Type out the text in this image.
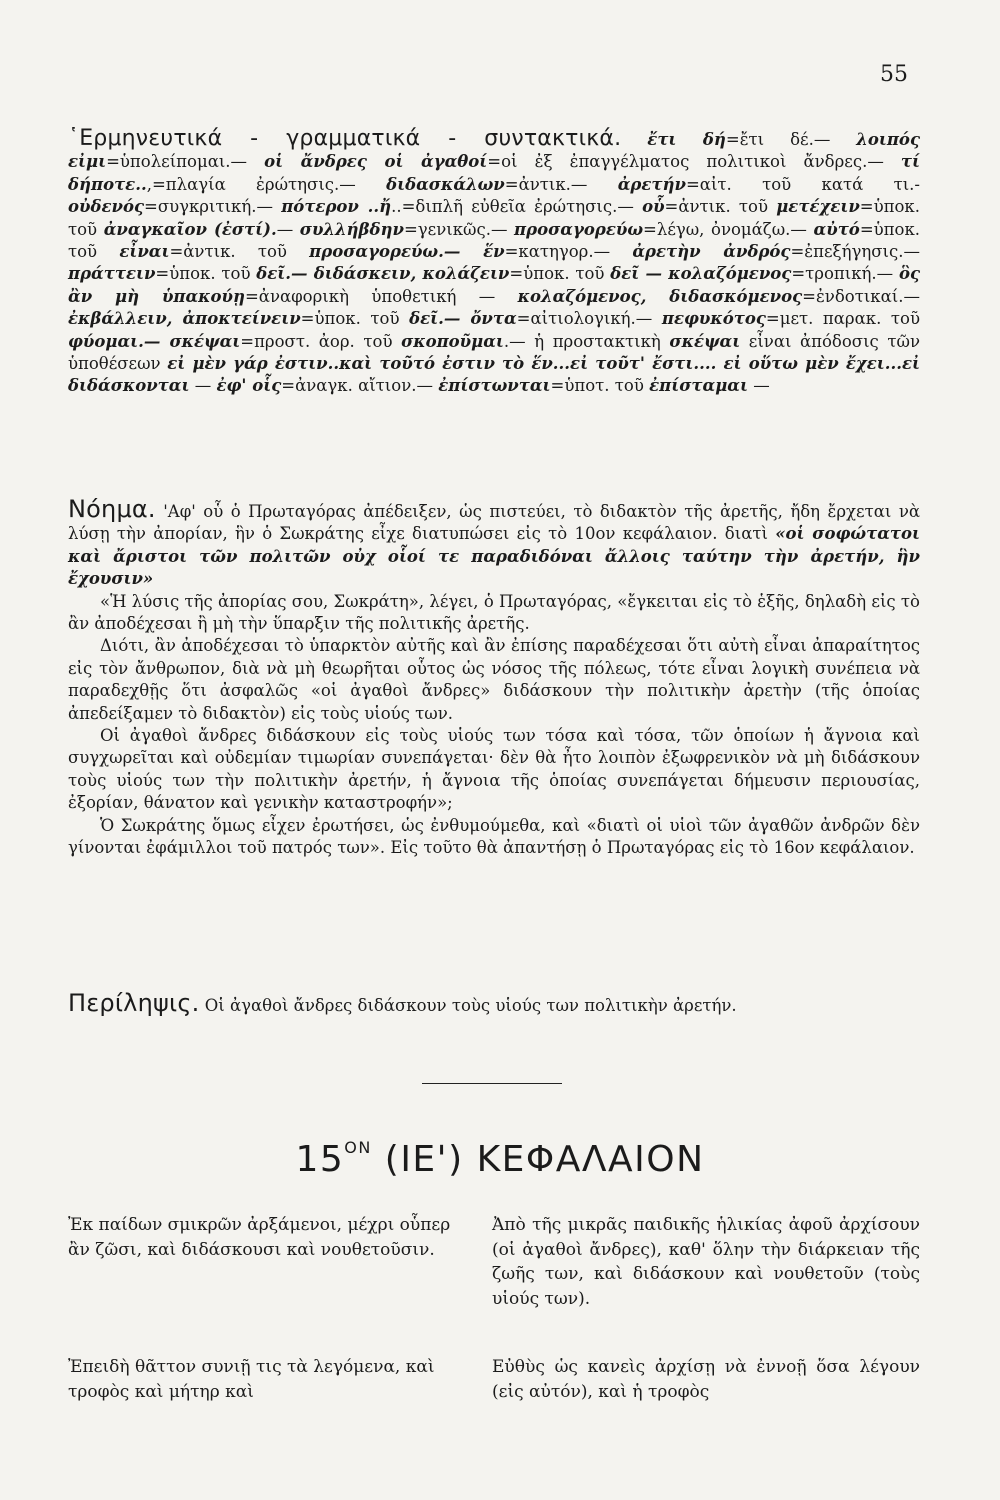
55

῾Ερμηνευτικά - γραμματικά - συντακτικά. ἔτι δή=ἔτι δέ.— λοιπός εἰμι=ὑπολείπομαι.— οἱ ἄνδρες οἱ ἀγαθοί=οἱ ἐξ ἐπαγγέλματος πολιτικοὶ ἄνδρες.— τί δήποτε..,=πλαγία ἐρώτησις.— διδασκάλων=ἀντικ.— ἀρετήν=αἰτ. τοῦ κατά τι.- οὐδενός=συγκριτική.— πότερον ..ἤ..=διπλῆ εὐθεῖα ἐρώτησις.— οὗ=ἀντικ. τοῦ μετέχειν=ὑποκ. τοῦ ἀναγκαῖον (ἐστί).— συλλήβδην=γενικῶς.— προσαγορεύω=λέγω, ὀνομάζω.— αὐτό=ὑποκ. τοῦ εἶναι=ἀντικ. τοῦ προσαγορεύω.— ἕν=κατηγορ.— ἀρετὴν ἀνδρός=ἐπεξήγησις.— πράττειν=ὑποκ. τοῦ δεῖ.— διδάσκειν, κολάζειν=ὑποκ. τοῦ δεῖ — κολαζόμενος=τροπική.— ὃς ἂν μὴ ὑπακούῃ=ἀναφορικὴ ὑποθετική — κολαζόμενος, διδασκόμενος=ἐνδοτικαί.— ἐκβάλλειν, ἀποκτείνειν=ὑποκ. τοῦ δεῖ.— ὄντα=αἰτιολογική.— πεφυκότος=μετ. παρακ. τοῦ φύομαι.— σκέψαι=προστ. ἀορ. τοῦ σκοποῦμαι.— ἡ προστακτικὴ σκέψαι εἶναι ἀπόδοσις τῶν ὑποθέσεων εἰ μὲν γάρ ἐστιν..καὶ τοῦτό ἐστιν τὸ ἕν...εἰ τοῦτ' ἔστι.... εἰ οὕτω μὲν ἔχει...εἰ διδάσκονται — ἐφ' οἷς=ἀναγκ. αἴτιον.— ἐπίστωνται=ὑποτ. τοῦ ἐπίσταμαι —

Νόημα. 'Αφ' οὗ ὁ Πρωταγόρας ἀπέδειξεν, ὡς πιστεύει, τὸ διδακτὸν τῆς ἀρετῆς, ἤδη ἔρχεται νὰ λύσῃ τὴν ἀπορίαν, ἣν ὁ Σωκράτης εἶχε διατυπώσει εἰς τὸ 10ον κεφάλαιον. διατὶ «οἱ σοφώτατοι καὶ ἄριστοι τῶν πολιτῶν οὐχ οἷοί τε παραδιδόναι ἄλλοις ταύτην τὴν ἀρετήν, ἣν ἔχουσιν»

«Ἡ λύσις τῆς ἀπορίας σου, Σωκράτη», λέγει, ὁ Πρωταγόρας, «ἔγκειται εἰς τὸ ἑξῆς, δηλαδὴ εἰς τὸ ἂν ἀποδέχεσαι ἢ μὴ τὴν ὕπαρξιν τῆς πολιτικῆς ἀρετῆς.

Διότι, ἂν ἀποδέχεσαι τὸ ὑπαρκτὸν αὐτῆς καὶ ἂν ἐπίσης παραδέχεσαι ὅτι αὐτὴ εἶναι ἀπαραίτητος εἰς τὸν ἄνθρωπον, διὰ νὰ μὴ θεωρῆται οὗτος ὡς νόσος τῆς πόλεως, τότε εἶναι λογικὴ συνέπεια νὰ παραδεχθῇς ὅτι ἀσφαλῶς «οἱ ἀγαθοὶ ἄνδρες» διδάσκουν τὴν πολιτικὴν ἀρετὴν (τῆς ὁποίας ἀπεδείξαμεν τὸ διδακτὸν) εἰς τοὺς υἱούς των.

Οἱ ἀγαθοὶ ἄνδρες διδάσκουν εἰς τοὺς υἱούς των τόσα καὶ τόσα, τῶν ὁποίων ἡ ἄγνοια καὶ συγχωρεῖται καὶ οὐδεμίαν τιμωρίαν συνεπάγεται· δὲν θὰ ἦτο λοιπὸν ἐξωφρενικὸν νὰ μὴ διδάσκουν τοὺς υἱούς των τὴν πολιτικὴν ἀρετήν, ἡ ἄγνοια τῆς ὁποίας συνεπάγεται δήμευσιν περιουσίας, ἐξορίαν, θάνατον καὶ γενικὴν καταστροφήν»;

Ὁ Σωκράτης ὅμως εἶχεν ἐρωτήσει, ὡς ἐνθυμούμεθα, καὶ «διατὶ οἱ υἱοὶ τῶν ἀγαθῶν ἀνδρῶν δὲν γίνονται ἐφάμιλλοι τοῦ πατρός των». Εἰς τοῦτο θὰ ἀπαντήσῃ ὁ Πρωταγόρας εἰς τὸ 16ον κεφάλαιον.

Περίληψις. Οἱ ἀγαθοὶ ἄνδρες διδάσκουν τοὺς υἱούς των πολιτικὴν ἀρετήν.

$15^{ON}$ (ΙΕ') ΚΕΦΑΛΑΙΟΝ
Ἐκ παίδων σμικρῶν ἀρξάμενοι, μέχρι οὗπερ ἂν ζῶσι, καὶ διδάσκουσι καὶ νουθετοῦσιν.
Ἀπὸ τῆς μικρᾶς παιδικῆς ἡλικίας ἀφοῦ ἀρχίσουν (οἱ ἀγαθοὶ ἄνδρες), καθ' ὅλην τὴν διάρκειαν τῆς ζωῆς των, καὶ διδάσκουν καὶ νουθετοῦν (τοὺς υἱούς των).
Ἐπειδὴ θᾶττον συνιῇ τις τὰ λεγόμενα, καὶ τροφὸς καὶ μήτηρ καὶ
Εὐθὺς ὡς κανεὶς ἀρχίσῃ νὰ ἐννοῇ ὅσα λέγουν (εἰς αὐτόν), καὶ ἡ τροφὸς
